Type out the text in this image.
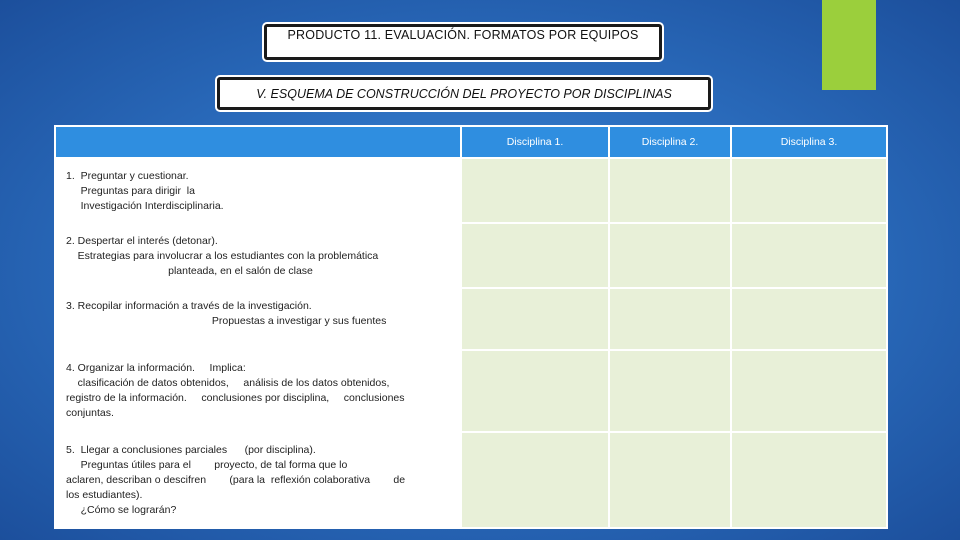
PRODUCTO 11. EVALUACIÓN. FORMATOS POR EQUIPOS
V. ESQUEMA DE CONSTRUCCIÓN DEL PROYECTO POR DISCIPLINAS
	Disciplina 1.	Disciplina 2.	Disciplina 3.

1.  Preguntar y cuestionar.
Preguntas para dirigir  la
Investigación Interdisciplinaria.			

2. Despertar el interés (detonar).
Estrategias para involucrar a los estudiantes con la problemática
planteada, en el salón de clase			

3. Recopilar información a través de la investigación.
Propuestas a investigar y sus fuentes			

4. Organizar la información.     Implica:
clasificación de datos obtenidos,     análisis de los datos obtenidos,
registro de la información.     conclusiones por disciplina,     conclusiones
conjuntas.			

5.  Llegar a conclusiones parciales      (por disciplina).
Preguntas útiles para el        proyecto, de tal forma que lo
aclaren, describan o descifren        (para la  reflexión colaborativa        de
los estudiantes).
¿Cómo se lograrán?			
